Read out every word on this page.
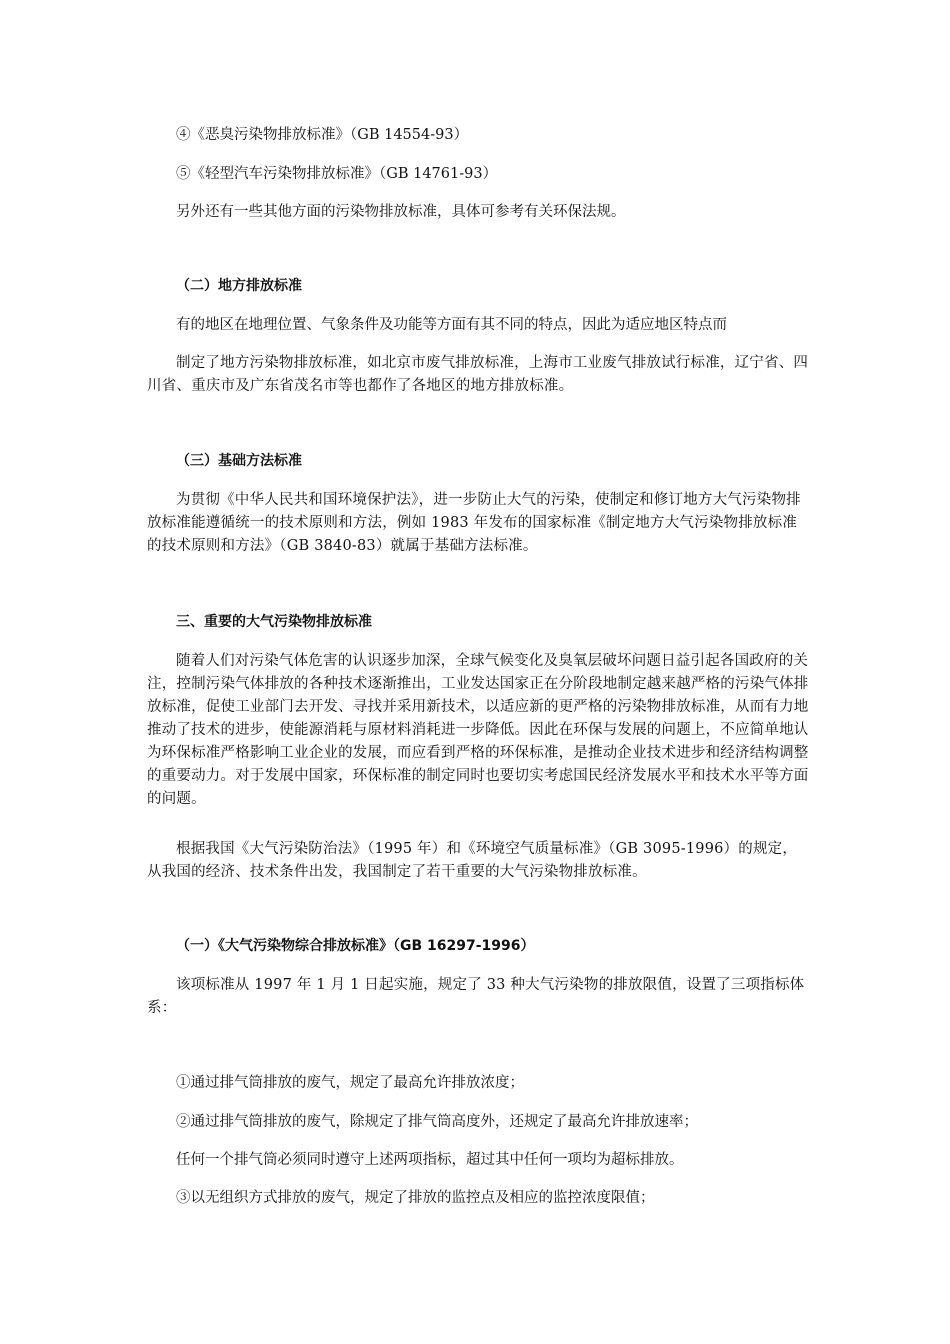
④《恶臭污染物排放标准》（GB 14554-93）
⑤《轻型汽车污染物排放标准》（GB 14761-93）
另外还有一些其他方面的污染物排放标准，具体可参考有关环保法规。
（二）地方排放标准
有的地区在地理位置、气象条件及功能等方面有其不同的特点，因此为适应地区特点而
制定了地方污染物排放标准，如北京市废气排放标准，上海市工业废气排放试行标准，辽宁省、四川省、重庆市及广东省茂名市等也都作了各地区的地方排放标准。
（三）基础方法标准
为贯彻《中华人民共和国环境保护法》，进一步防止大气的污染，使制定和修订地方大气污染物排放标准能遵循统一的技术原则和方法，例如 1983 年发布的国家标准《制定地方大气污染物排放标准的技术原则和方法》（GB 3840-83）就属于基础方法标准。
三、重要的大气污染物排放标准
随着人们对污染气体危害的认识逐步加深，全球气候变化及臭氧层破坏问题日益引起各国政府的关注，控制污染气体排放的各种技术逐渐推出，工业发达国家正在分阶段地制定越来越严格的污染气体排放标准，促使工业部门去开发、寻找并采用新技术，以适应新的更严格的污染物排放标准，从而有力地推动了技术的进步，使能源消耗与原材料消耗进一步降低。因此在环保与发展的问题上，不应简单地认为环保标准严格影响工业企业的发展，而应看到严格的环保标准，是推动企业技术进步和经济结构调整的重要动力。对于发展中国家，环保标准的制定同时也要切实考虑国民经济发展水平和技术水平等方面的问题。
根据我国《大气污染防治法》（1995 年）和《环境空气质量标准》（GB 3095-1996）的规定，从我国的经济、技术条件出发，我国制定了若干重要的大气污染物排放标准。
（一）《大气污染物综合排放标准》（GB 16297-1996）
该项标准从 1997 年 1 月 1 日起实施，规定了 33 种大气污染物的排放限值，设置了三项指标体系：
①通过排气筒排放的废气，规定了最高允许排放浓度；
②通过排气筒排放的废气，除规定了排气筒高度外，还规定了最高允许排放速率；
任何一个排气筒必须同时遵守上述两项指标，超过其中任何一项均为超标排放。
③以无组织方式排放的废气，规定了排放的监控点及相应的监控浓度限值；
